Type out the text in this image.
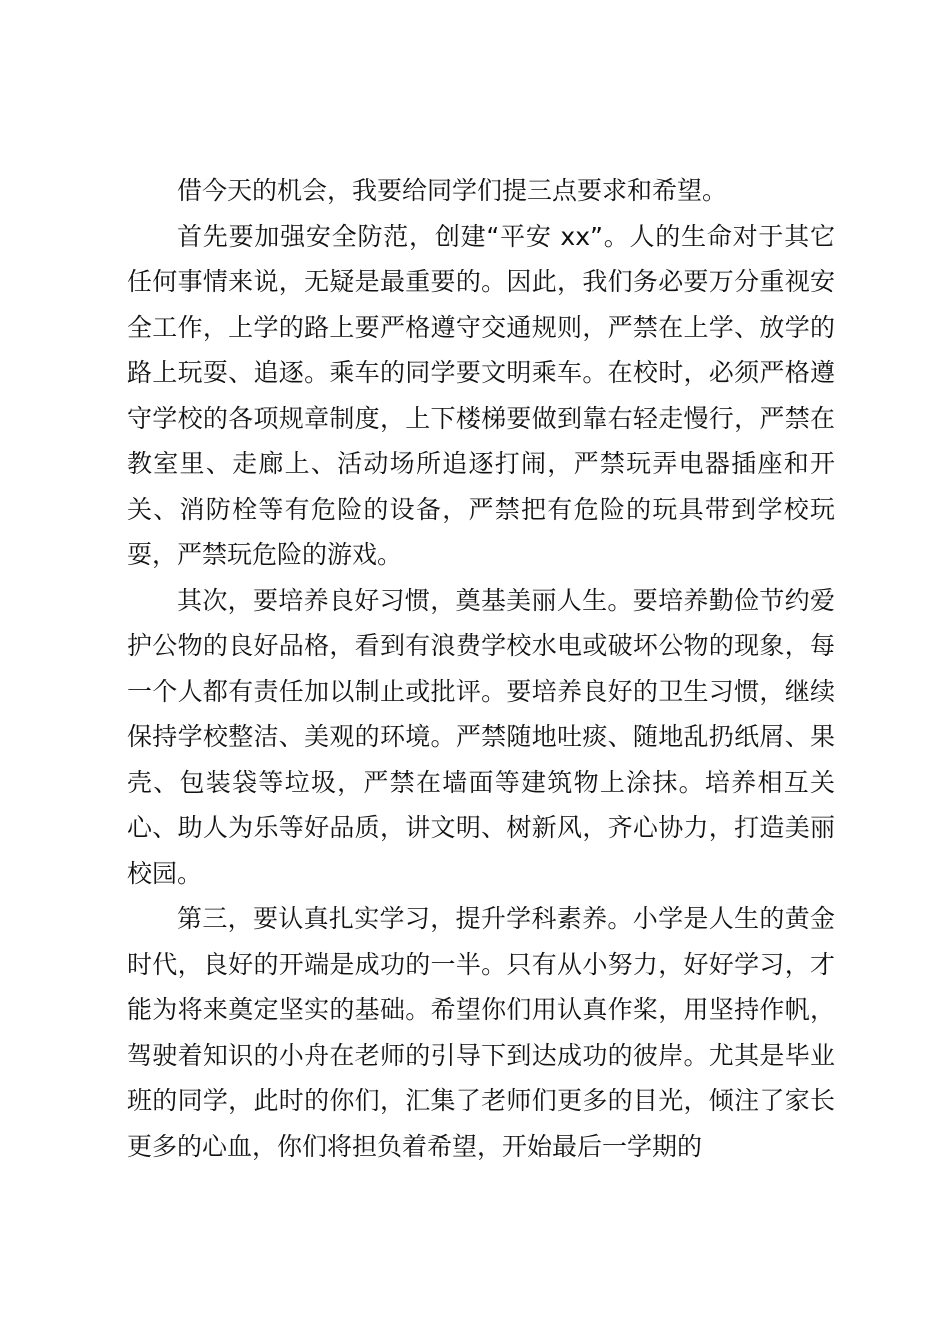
借今天的机会，我要给同学们提三点要求和希望。

首先要加强安全防范，创建“平安 xx”。人的生命对于其它任何事情来说，无疑是最重要的。因此，我们务必要万分重视安全工作，上学的路上要严格遵守交通规则，严禁在上学、放学的路上玩耍、追逐。乘车的同学要文明乘车。在校时，必须严格遵守学校的各项规章制度，上下楼梯要做到靠右轻走慢行，严禁在教室里、走廊上、活动场所追逐打闹，严禁玩弄电器插座和开关、消防栓等有危险的设备，严禁把有危险的玩具带到学校玩耍，严禁玩危险的游戏。

其次，要培养良好习惯，奠基美丽人生。要培养勤俭节约爱护公物的良好品格，看到有浪费学校水电或破坏公物的现象，每一个人都有责任加以制止或批评。要培养良好的卫生习惯，继续保持学校整洁、美观的环境。严禁随地吐痰、随地乱扔纸屑、果壳、包装袋等垃圾，严禁在墙面等建筑物上涂抹。培养相互关心、助人为乐等好品质，讲文明、树新风，齐心协力，打造美丽校园。

第三，要认真扎实学习，提升学科素养。小学是人生的黄金时代，良好的开端是成功的一半。只有从小努力，好好学习，才能为将来奠定坚实的基础。希望你们用认真作桨，用坚持作帆，驾驶着知识的小舟在老师的引导下到达成功的彼岸。尤其是毕业班的同学，此时的你们，汇集了老师们更多的目光，倾注了家长更多的心血，你们将担负着希望，开始最后一学期的
